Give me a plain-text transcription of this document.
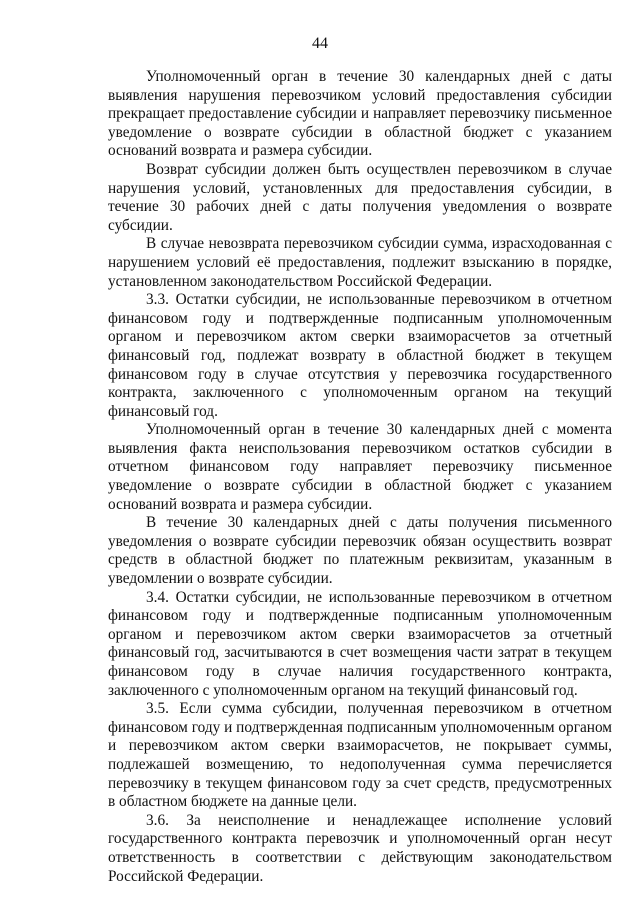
44

Уполномоченный орган в течение 30 календарных дней с даты выявления нарушения перевозчиком условий предоставления субсидии прекращает предоставление субсидии и направляет перевозчику письменное уведомление о возврате субсидии в областной бюджет с указанием оснований возврата и размера субсидии.

Возврат субсидии должен быть осуществлен перевозчиком в случае нарушения условий, установленных для предоставления субсидии, в течение 30 рабочих дней с даты получения уведомления о возврате субсидии.

В случае невозврата перевозчиком субсидии сумма, израсходованная с нарушением условий её предоставления, подлежит взысканию в порядке, установленном законодательством Российской Федерации.

3.3. Остатки субсидии, не использованные перевозчиком в отчетном финансовом году и подтвержденные подписанным уполномоченным органом и перевозчиком актом сверки взаиморасчетов за отчетный финансовый год, подлежат возврату в областной бюджет в текущем финансовом году в случае отсутствия у перевозчика государственного контракта, заключенного с уполномоченным органом на текущий финансовый год.

Уполномоченный орган в течение 30 календарных дней с момента выявления факта неиспользования перевозчиком остатков субсидии в отчетном финансовом году направляет перевозчику письменное уведомление о возврате субсидии в областной бюджет с указанием оснований возврата и размера субсидии.

В течение 30 календарных дней с даты получения письменного уведомления о возврате субсидии перевозчик обязан осуществить возврат средств в областной бюджет по платежным реквизитам, указанным в уведомлении о возврате субсидии.

3.4. Остатки субсидии, не использованные перевозчиком в отчетном финансовом году и подтвержденные подписанным уполномоченным органом и перевозчиком актом сверки взаиморасчетов за отчетный финансовый год, засчитываются в счет возмещения части затрат в текущем финансовом году в случае наличия государственного контракта, заключенного с уполномоченным органом на текущий финансовый год.

3.5. Если сумма субсидии, полученная перевозчиком в отчетном финансовом году и подтвержденная подписанным уполномоченным органом и перевозчиком актом сверки взаиморасчетов, не покрывает суммы, подлежашей возмещению, то недополученная сумма перечисляется перевозчику в текущем финансовом году за счет средств, предусмотренных в областном бюджете на данные цели.

3.6. За неисполнение и ненадлежащее исполнение условий государственного контракта перевозчик и уполномоченный орган несут ответственность в соответствии с действующим законодательством Российской Федерации.
